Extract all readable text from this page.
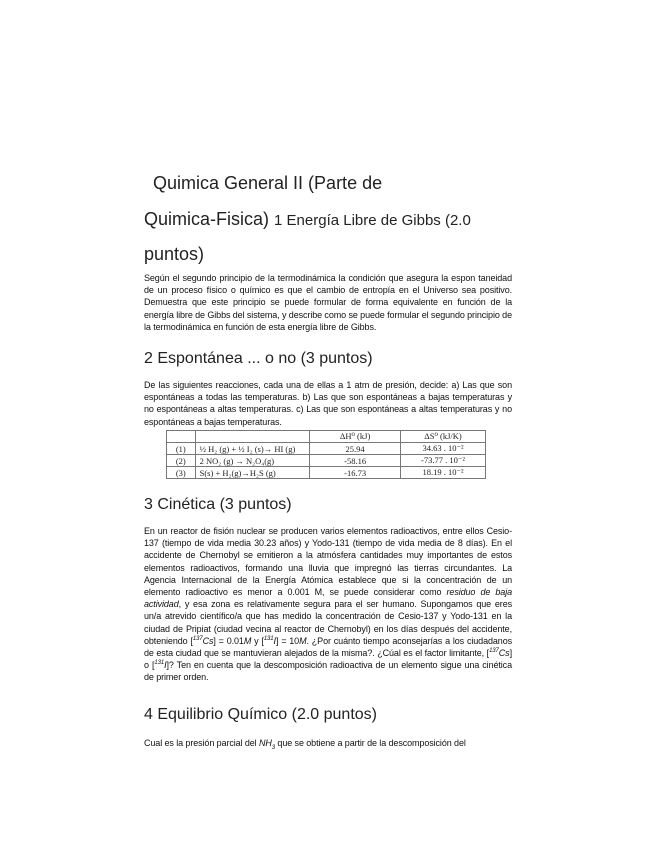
Quimica General II (Parte de
Quimica-Fisica) 1 Energía Libre de Gibbs (2.0
puntos)
Según el segundo principio de la termodinámica la condición que asegura la espon taneidad de un proceso físico o químico es que el cambio de entropía en el Universo sea positivo. Demuestra que este principio se puede formular de forma equivalente en función de la energía libre de Gibbs del sistema, y describe como se puede formular el segundo principio de la termodinámica en función de esta energía libre de Gibbs.
2 Espontánea ... o no (3 puntos)
De las siguientes reacciones, cada una de ellas a 1 atm de presión, decide: a) Las que son espontáneas a todas las temperaturas. b) Las que son espontáneas a bajas temperaturas y no espontáneas a altas temperaturas. c) Las que son espontáneas a altas temperaturas y no espontáneas a bajas temperaturas.
		ΔH⁰ (kJ)	ΔS⁰ (kJ/K)
(1)	½ H₂ (g) + ½ I₂ (s)→ HI (g)	25.94	34.63 . 10⁻²
(2)	2 NO₂ (g) → N₂O₄(g)	-58.16	-73.77 . 10⁻²
(3)	S(s) + H₂(g)→H₂S (g)	-16.73	18.19 . 10⁻²
3 Cinética (3 puntos)
En un reactor de fisión nuclear se producen varios elementos radioactivos, entre ellos Cesio-137 (tiempo de vida media 30.23 años) y Yodo-131 (tiempo de vida media de 8 días). En el accidente de Chernobyl se emitieron a la atmósfera cantidades muy importantes de estos elementos radioactivos, formando una lluvia que impregnó las tierras circundantes. La Agencia Internacional de la Energía Atómica establece que si la concentración de un elemento radioactivo es menor a 0.001 M, se puede considerar como residuo de baja actividad, y esa zona es relativamente segura para el ser humano. Supongamos que eres un/a atrevido científico/a que has medido la concentración de Cesio-137 y Yodo-131 en la ciudad de Pripiat (ciudad vecina al reactor de Chernobyl) en los días después del accidente, obteniendo [$^{137}$Cs] = 0.01M y [$^{131}$I] = 10M. ¿Por cuánto tiempo aconsejarías a los ciudadanos de esta ciudad que se mantuvieran alejados de la misma?. ¿Cúal es el factor limitante, [$^{137}$Cs] o [$^{131}$I]? Ten en cuenta que la descomposición radioactiva de un elemento sigue una cinética de primer orden.
4 Equilibrio Químico (2.0 puntos)
Cual es la presión parcial del $NH_3$ que se obtiene a partir de la descomposición del
